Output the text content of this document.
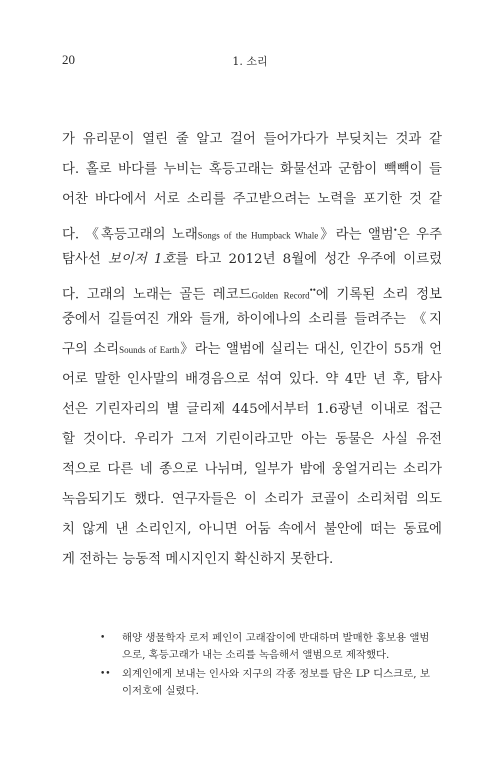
20	1. 소리
가 유리문이 열린 줄 알고 걸어 들어가다가 부딪치는 것과 같
다. 홀로 바다를 누비는 혹등고래는 화물선과 군함이 빽빽이 들
어찬 바다에서 서로 소리를 주고받으려는 노력을 포기한 것 같
다. 《혹등고래의 노래Songs of the Humpback Whale》라는 앨범•은 우주
탐사선 보이저 1호를 타고 2012년 8월에 성간 우주에 이르렀
다. 고래의 노래는 골든 레코드Golden Record••에 기록된 소리 정보
중에서 길들여진 개와 들개, 하이에나의 소리를 들려주는 《지
구의 소리Sounds of Earth》라는 앨범에 실리는 대신, 인간이 55개 언
어로 말한 인사말의 배경음으로 섞여 있다. 약 4만 년 후, 탐사
선은 기린자리의 별 글리제 445에서부터 1.6광년 이내로 접근
할 것이다. 우리가 그저 기린이라고만 아는 동물은 사실 유전
적으로 다른 네 종으로 나뉘며, 일부가 밤에 웅얼거리는 소리가
녹음되기도 했다. 연구자들은 이 소리가 코골이 소리처럼 의도
치 않게 낸 소리인지, 아니면 어둠 속에서 불안에 떠는 동료에
게 전하는 능동적 메시지인지 확신하지 못한다.
• 해양 생물학자 로저 페인이 고래잡이에 반대하며 발매한 홍보용 앨범
으로, 혹등고래가 내는 소리를 녹음해서 앨범으로 제작했다.
•• 외계인에게 보내는 인사와 지구의 각종 정보를 담은 LP 디스크로, 보
이저호에 실렸다.
